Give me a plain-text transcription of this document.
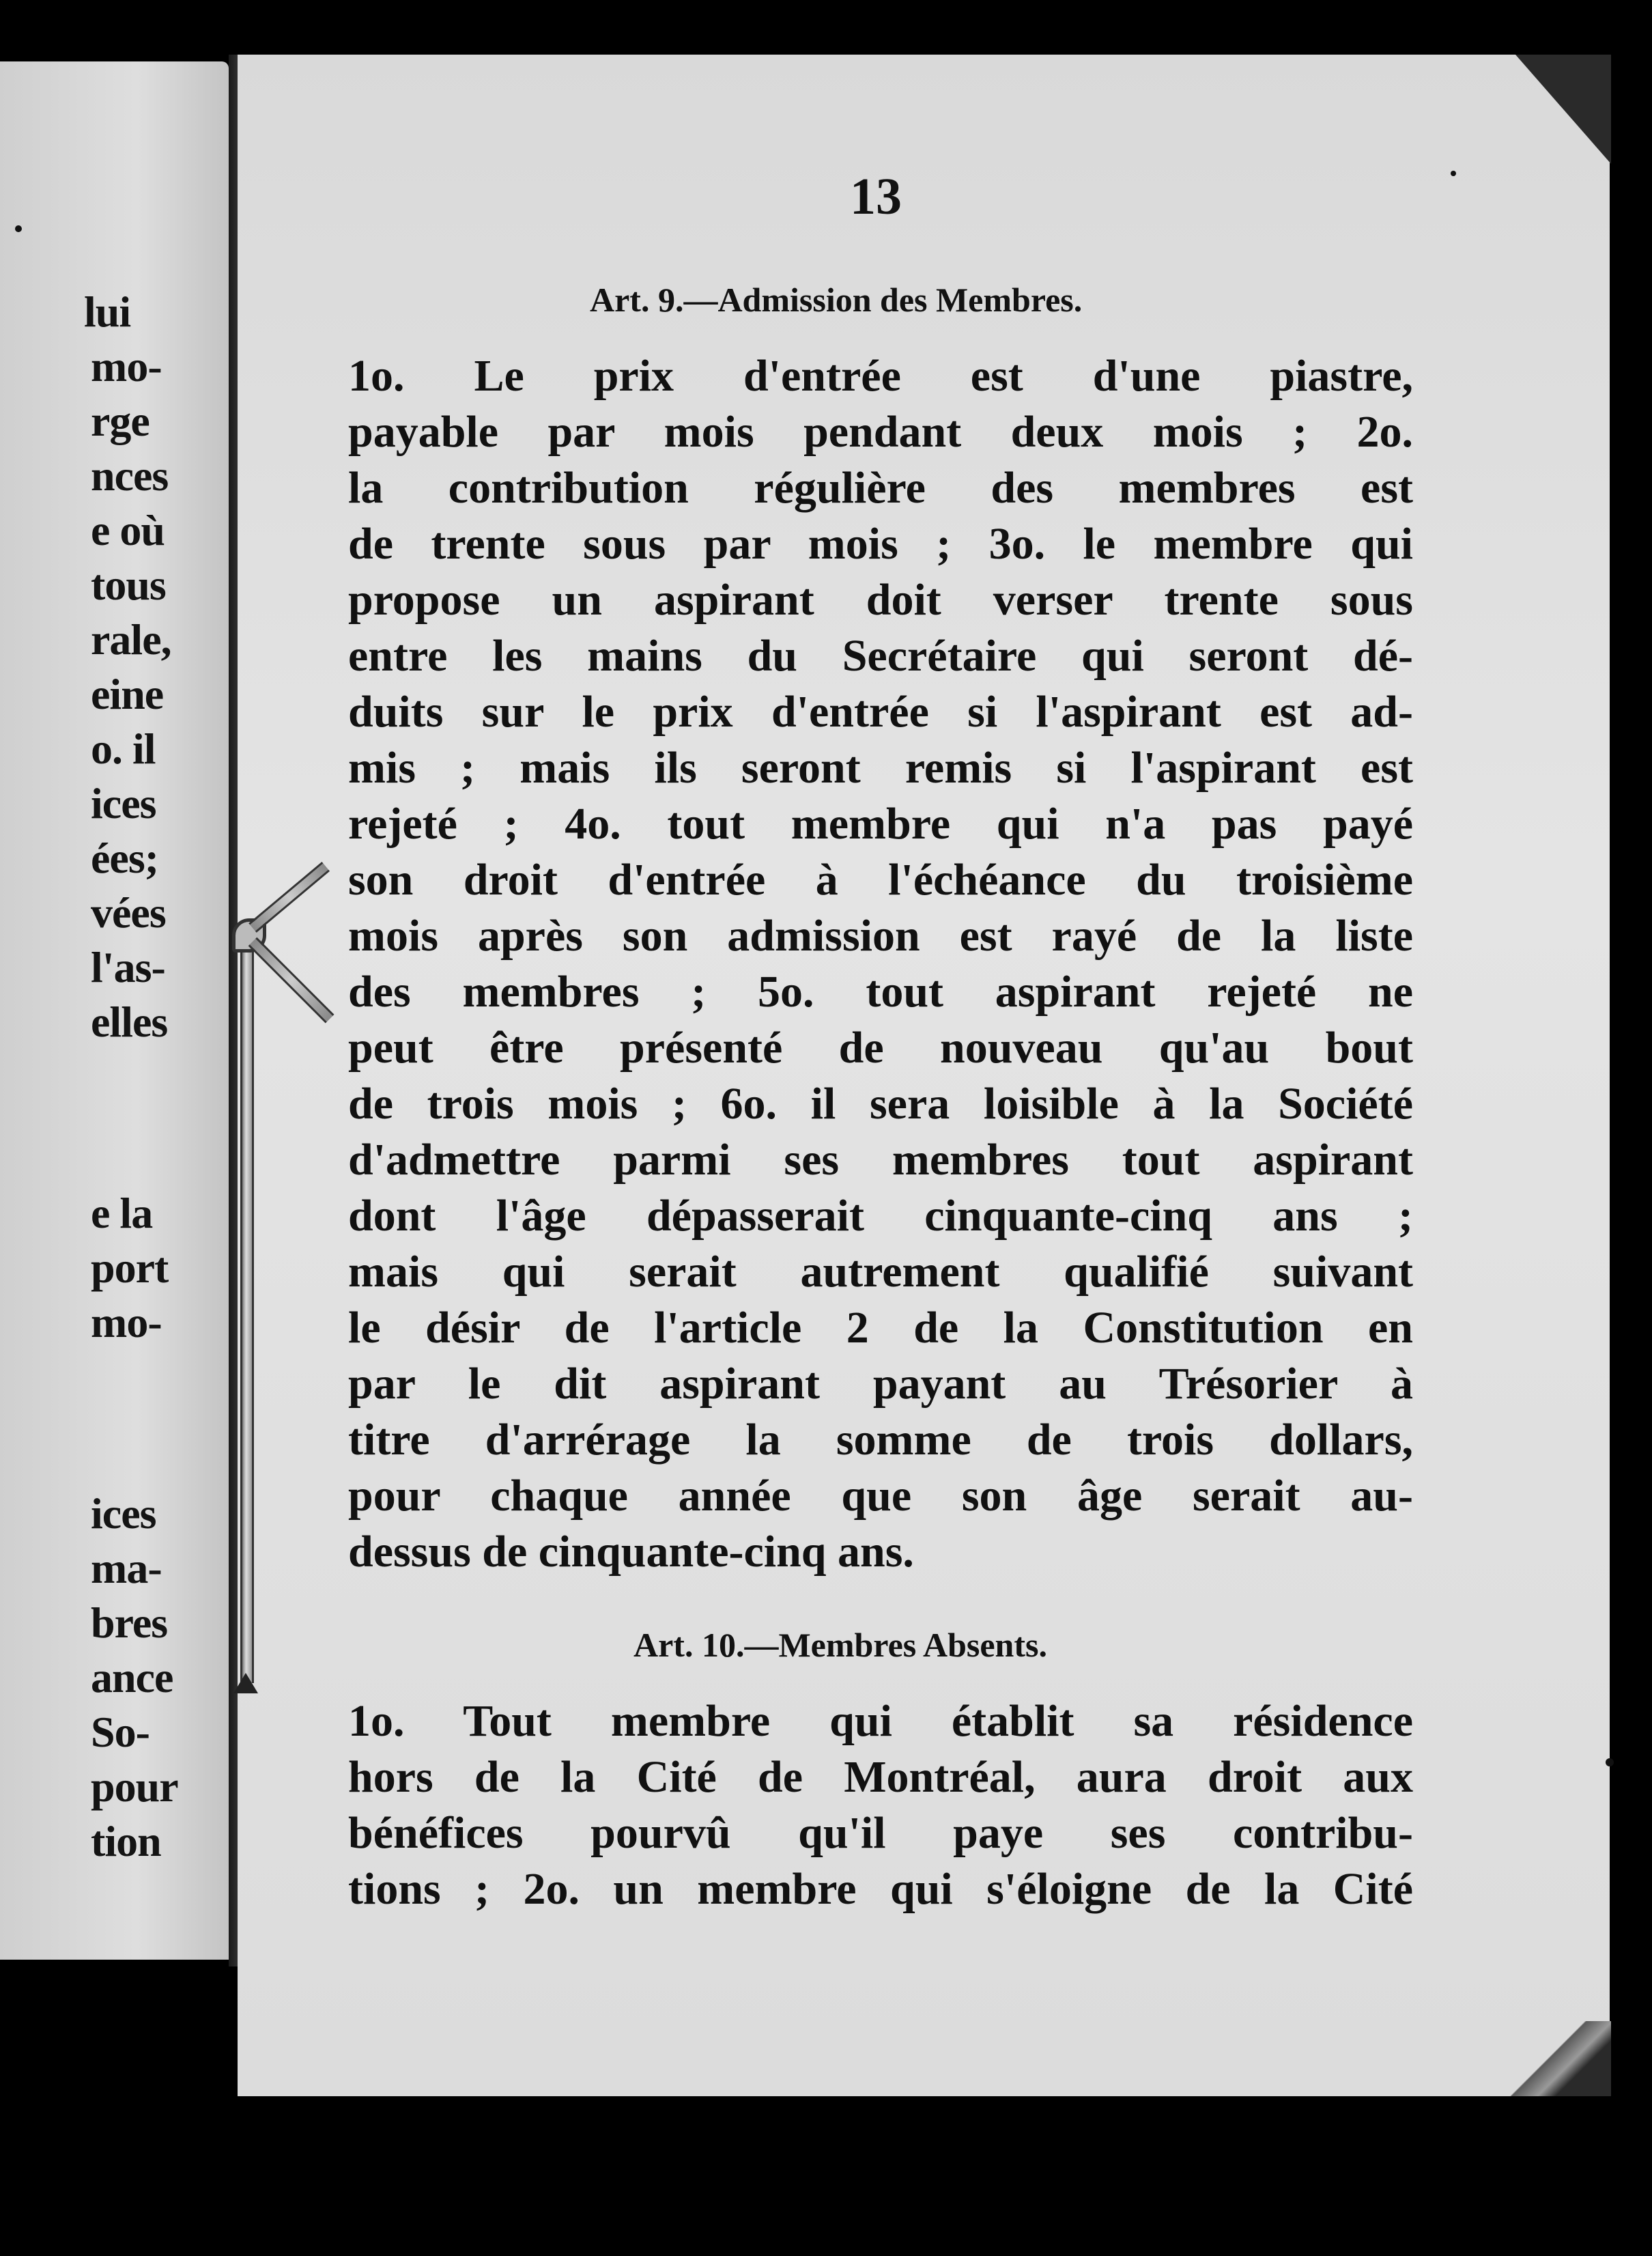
lui
mo-
rge
nces
e où
tous
rale,
eine
o. il
ices
ées;
vées
l'as-
elles
e la
port
mo-
ices
ma-
bres
ance
So-
pour
tion
13
Art. 9.—Admission des Membres.
1o. Le prix d'entrée est d'une piastre,
payable par mois pendant deux mois ; 2o.
la contribution régulière des membres est
de trente sous par mois ; 3o. le membre qui
propose un aspirant doit verser trente sous
entre les mains du Secrétaire qui seront dé-
duits sur le prix d'entrée si l'aspirant est ad-
mis ; mais ils seront remis si l'aspirant est
rejeté ; 4o. tout membre qui n'a pas payé
son droit d'entrée à l'échéance du troisième
mois après son admission est rayé de la liste
des membres ; 5o. tout aspirant rejeté ne
peut être présenté de nouveau qu'au bout
de trois mois ; 6o. il sera loisible à la Société
d'admettre parmi ses membres tout aspirant
dont l'âge dépasserait cinquante-cinq ans ;
mais qui serait autrement qualifié suivant
le désir de l'article 2 de la Constitution en
par le dit aspirant payant au Trésorier à
titre d'arrérage la somme de trois dollars,
pour chaque année que son âge serait au-
dessus de cinquante-cinq ans.
Art. 10.—Membres Absents.
1o. Tout membre qui établit sa résidence
hors de la Cité de Montréal, aura droit aux
bénéfices pourvû qu'il paye ses contribu-
tions ; 2o. un membre qui s'éloigne de la Cité
